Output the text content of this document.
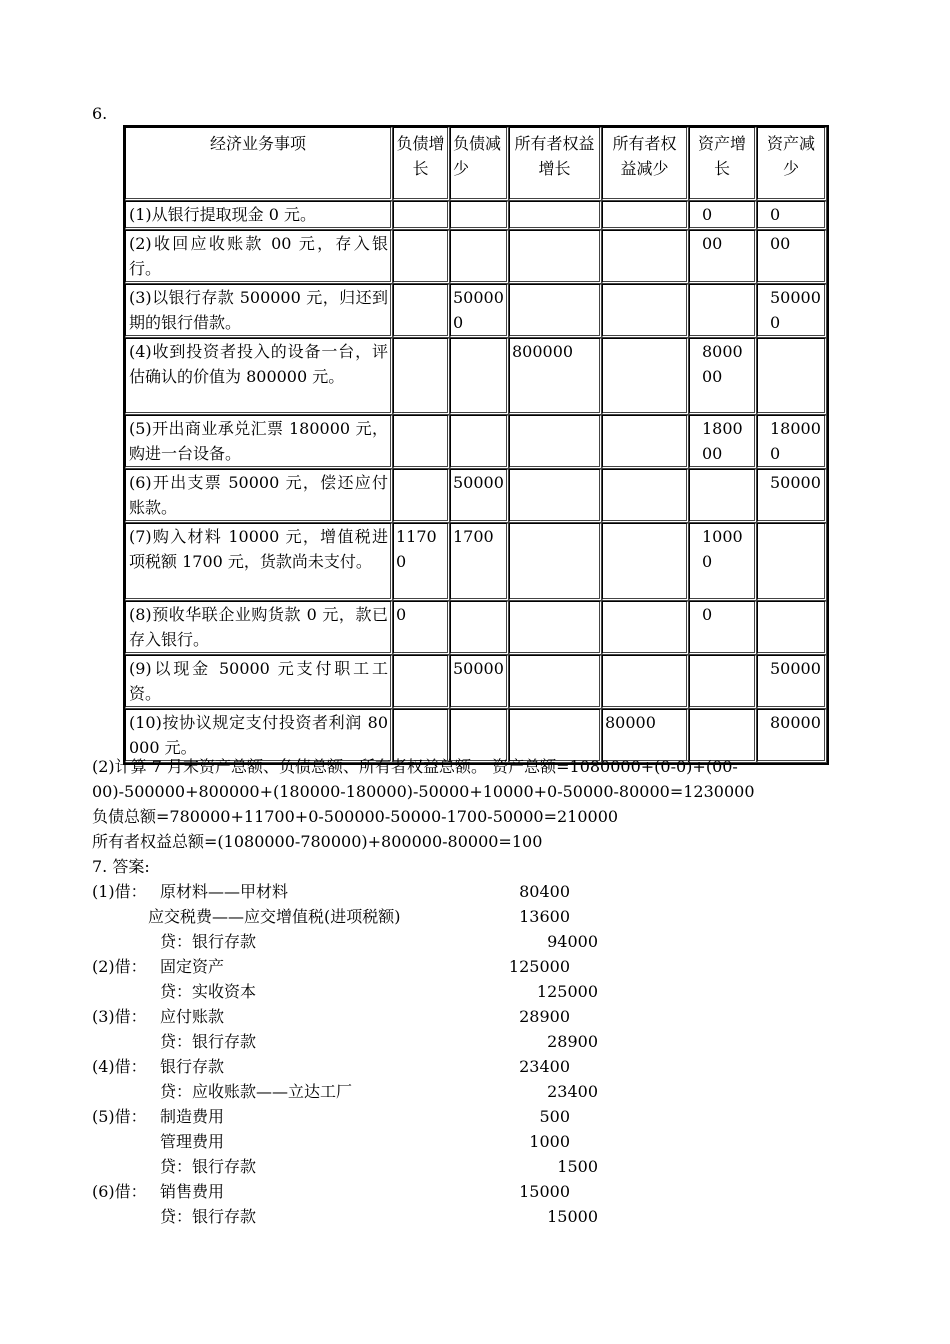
6.
经济业务事项	负债增长	负债减少	所有者权益增长	所有者权益减少	资产增长	资产减少
(1)从银行提取现金 0 元。					0	0
(2)收回应收账款 00 元，存入银行。					00	00
(3)以银行存款 500000 元，归还到期的银行借款。		500000				500000
(4)收到投资者投入的设备一台，评估确认的价值为 800000 元。			800000		800000	
(5)开出商业承兑汇票 180000 元，购进一台设备。					180000	180000
(6)开出支票 50000 元，偿还应付账款。		50000				50000
(7)购入材料 10000 元，增值税进项税额 1700 元，货款尚未支付。	11700	1700			10000	
(8)预收华联企业购货款 0 元，款已存入银行。	0				0	
(9)以现金 50000 元支付职工工资。		50000				50000
(10)按协议规定支付投资者利润 80000 元。				80000		80000
(2)计算 7 月末资产总额、负债总额、所有者权益总额。 资产总额=1080000+(0-0)+(00-
00)-500000+800000+(180000-180000)-50000+10000+0-50000-80000=1230000
负债总额=780000+11700+0-500000-50000-1700-50000=210000
所有者权益总额=(1080000-780000)+800000-80000=100
7. 答案:
(1)借： 原材料——甲材料	80400
应交税费——应交增值税(进项税额)	13600
贷：银行存款	94000
(2)借： 固定资产	125000
贷：实收资本	125000
(3)借： 应付账款	28900
贷：银行存款	28900
(4)借： 银行存款	23400
贷：应收账款——立达工厂	23400
(5)借： 制造费用	500
管理费用	1000
贷：银行存款	1500
(6)借： 销售费用	15000
贷：银行存款	15000
